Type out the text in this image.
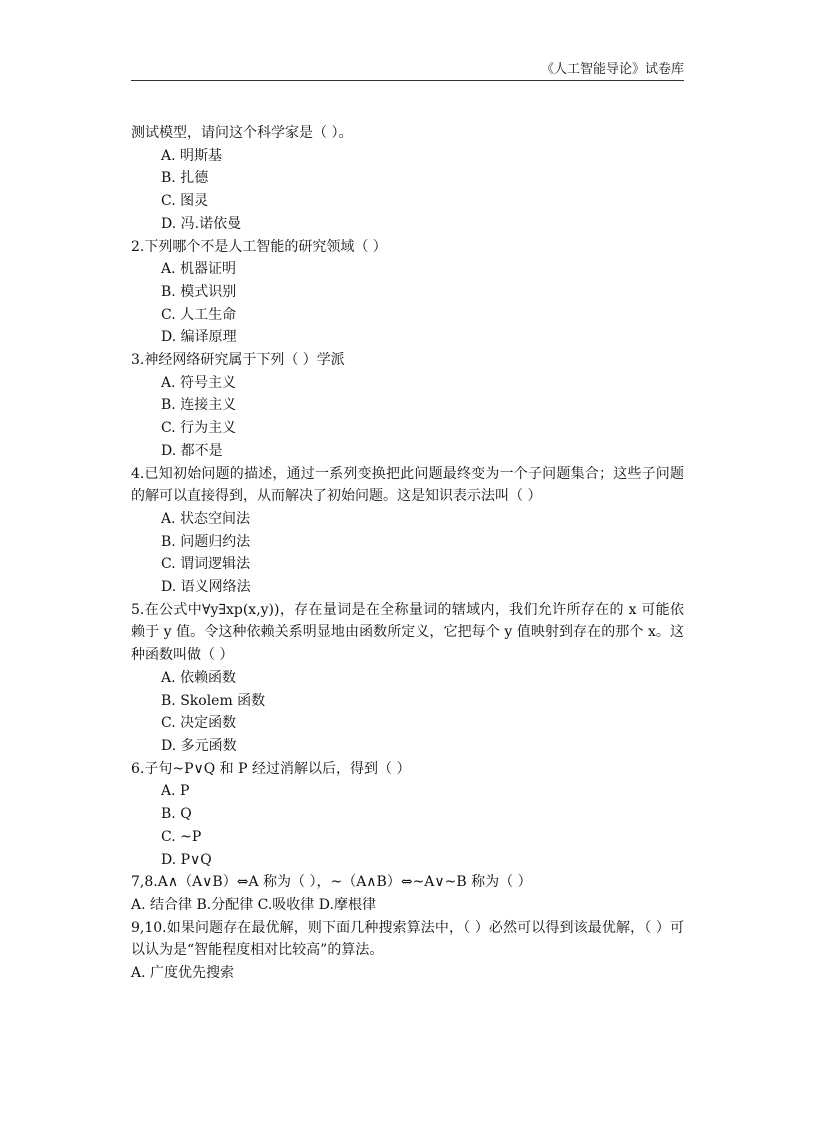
《人工智能导论》试卷库
测试模型，请问这个科学家是（ ）。
A. 明斯基
B. 扎德
C. 图灵
D. 冯.诺依曼
2.下列哪个不是人工智能的研究领域（ ）
A. 机器证明
B. 模式识别
C. 人工生命
D. 编译原理
3.神经网络研究属于下列（ ）学派
A. 符号主义
B. 连接主义
C. 行为主义
D. 都不是
4.已知初始问题的描述，通过一系列变换把此问题最终变为一个子问题集合；这些子问题的解可以直接得到，从而解决了初始问题。这是知识表示法叫（ ）
A. 状态空间法
B. 问题归约法
C. 谓词逻辑法
D. 语义网络法
5.在公式中∀y∃xp(x,y))，存在量词是在全称量词的辖域内，我们允许所存在的 x 可能依赖于 y 值。令这种依赖关系明显地由函数所定义，它把每个 y 值映射到存在的那个 x。这种函数叫做（ ）
A. 依赖函数
B. Skolem 函数
C. 决定函数
D. 多元函数
6.子句~P∨Q 和 P 经过消解以后，得到（ ）
A. P
B. Q
C. ~P
D. P∨Q
7,8.A∧（A∨B）⇔A 称为（ ），~（A∧B）⇔~A∨~B 称为（ ）
A. 结合律 B.分配律 C.吸收律 D.摩根律
9,10.如果问题存在最优解，则下面几种搜索算法中，（ ）必然可以得到该最优解，（ ）可以认为是“智能程度相对比较高”的算法。
A. 广度优先搜索
